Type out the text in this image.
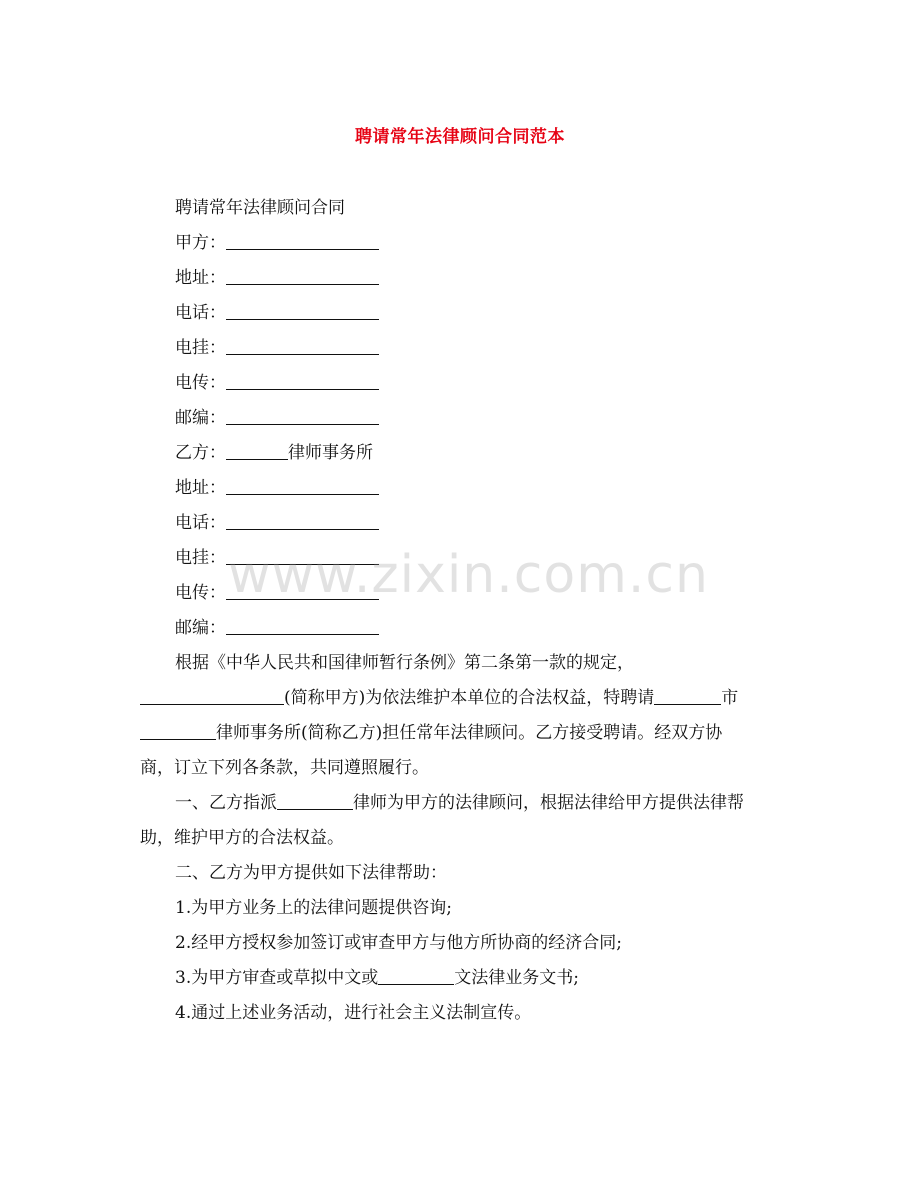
聘请常年法律顾问合同范本
聘请常年法律顾问合同
甲方：
地址：
电话：
电挂：
电传：
邮编：
乙方：	律师事务所
地址：
电话：
电挂：
电传：
邮编：
根据《中华人民共和国律师暂行条例》第二条第一款的规定，
(简称甲方)为依法维护本单位的合法权益，特聘请	市
律师事务所(简称乙方)担任常年法律顾问。乙方接受聘请。经双方协
商，订立下列各条款，共同遵照履行。
一、乙方指派	律师为甲方的法律顾问，根据法律给甲方提供法律帮
助，维护甲方的合法权益。
二、乙方为甲方提供如下法律帮助：
1.为甲方业务上的法律问题提供咨询;
2.经甲方授权参加签订或审查甲方与他方所协商的经济合同;
3.为甲方审查或草拟中文或	文法律业务文书;
4.通过上述业务活动，进行社会主义法制宣传。
www.zixin.com.cn
